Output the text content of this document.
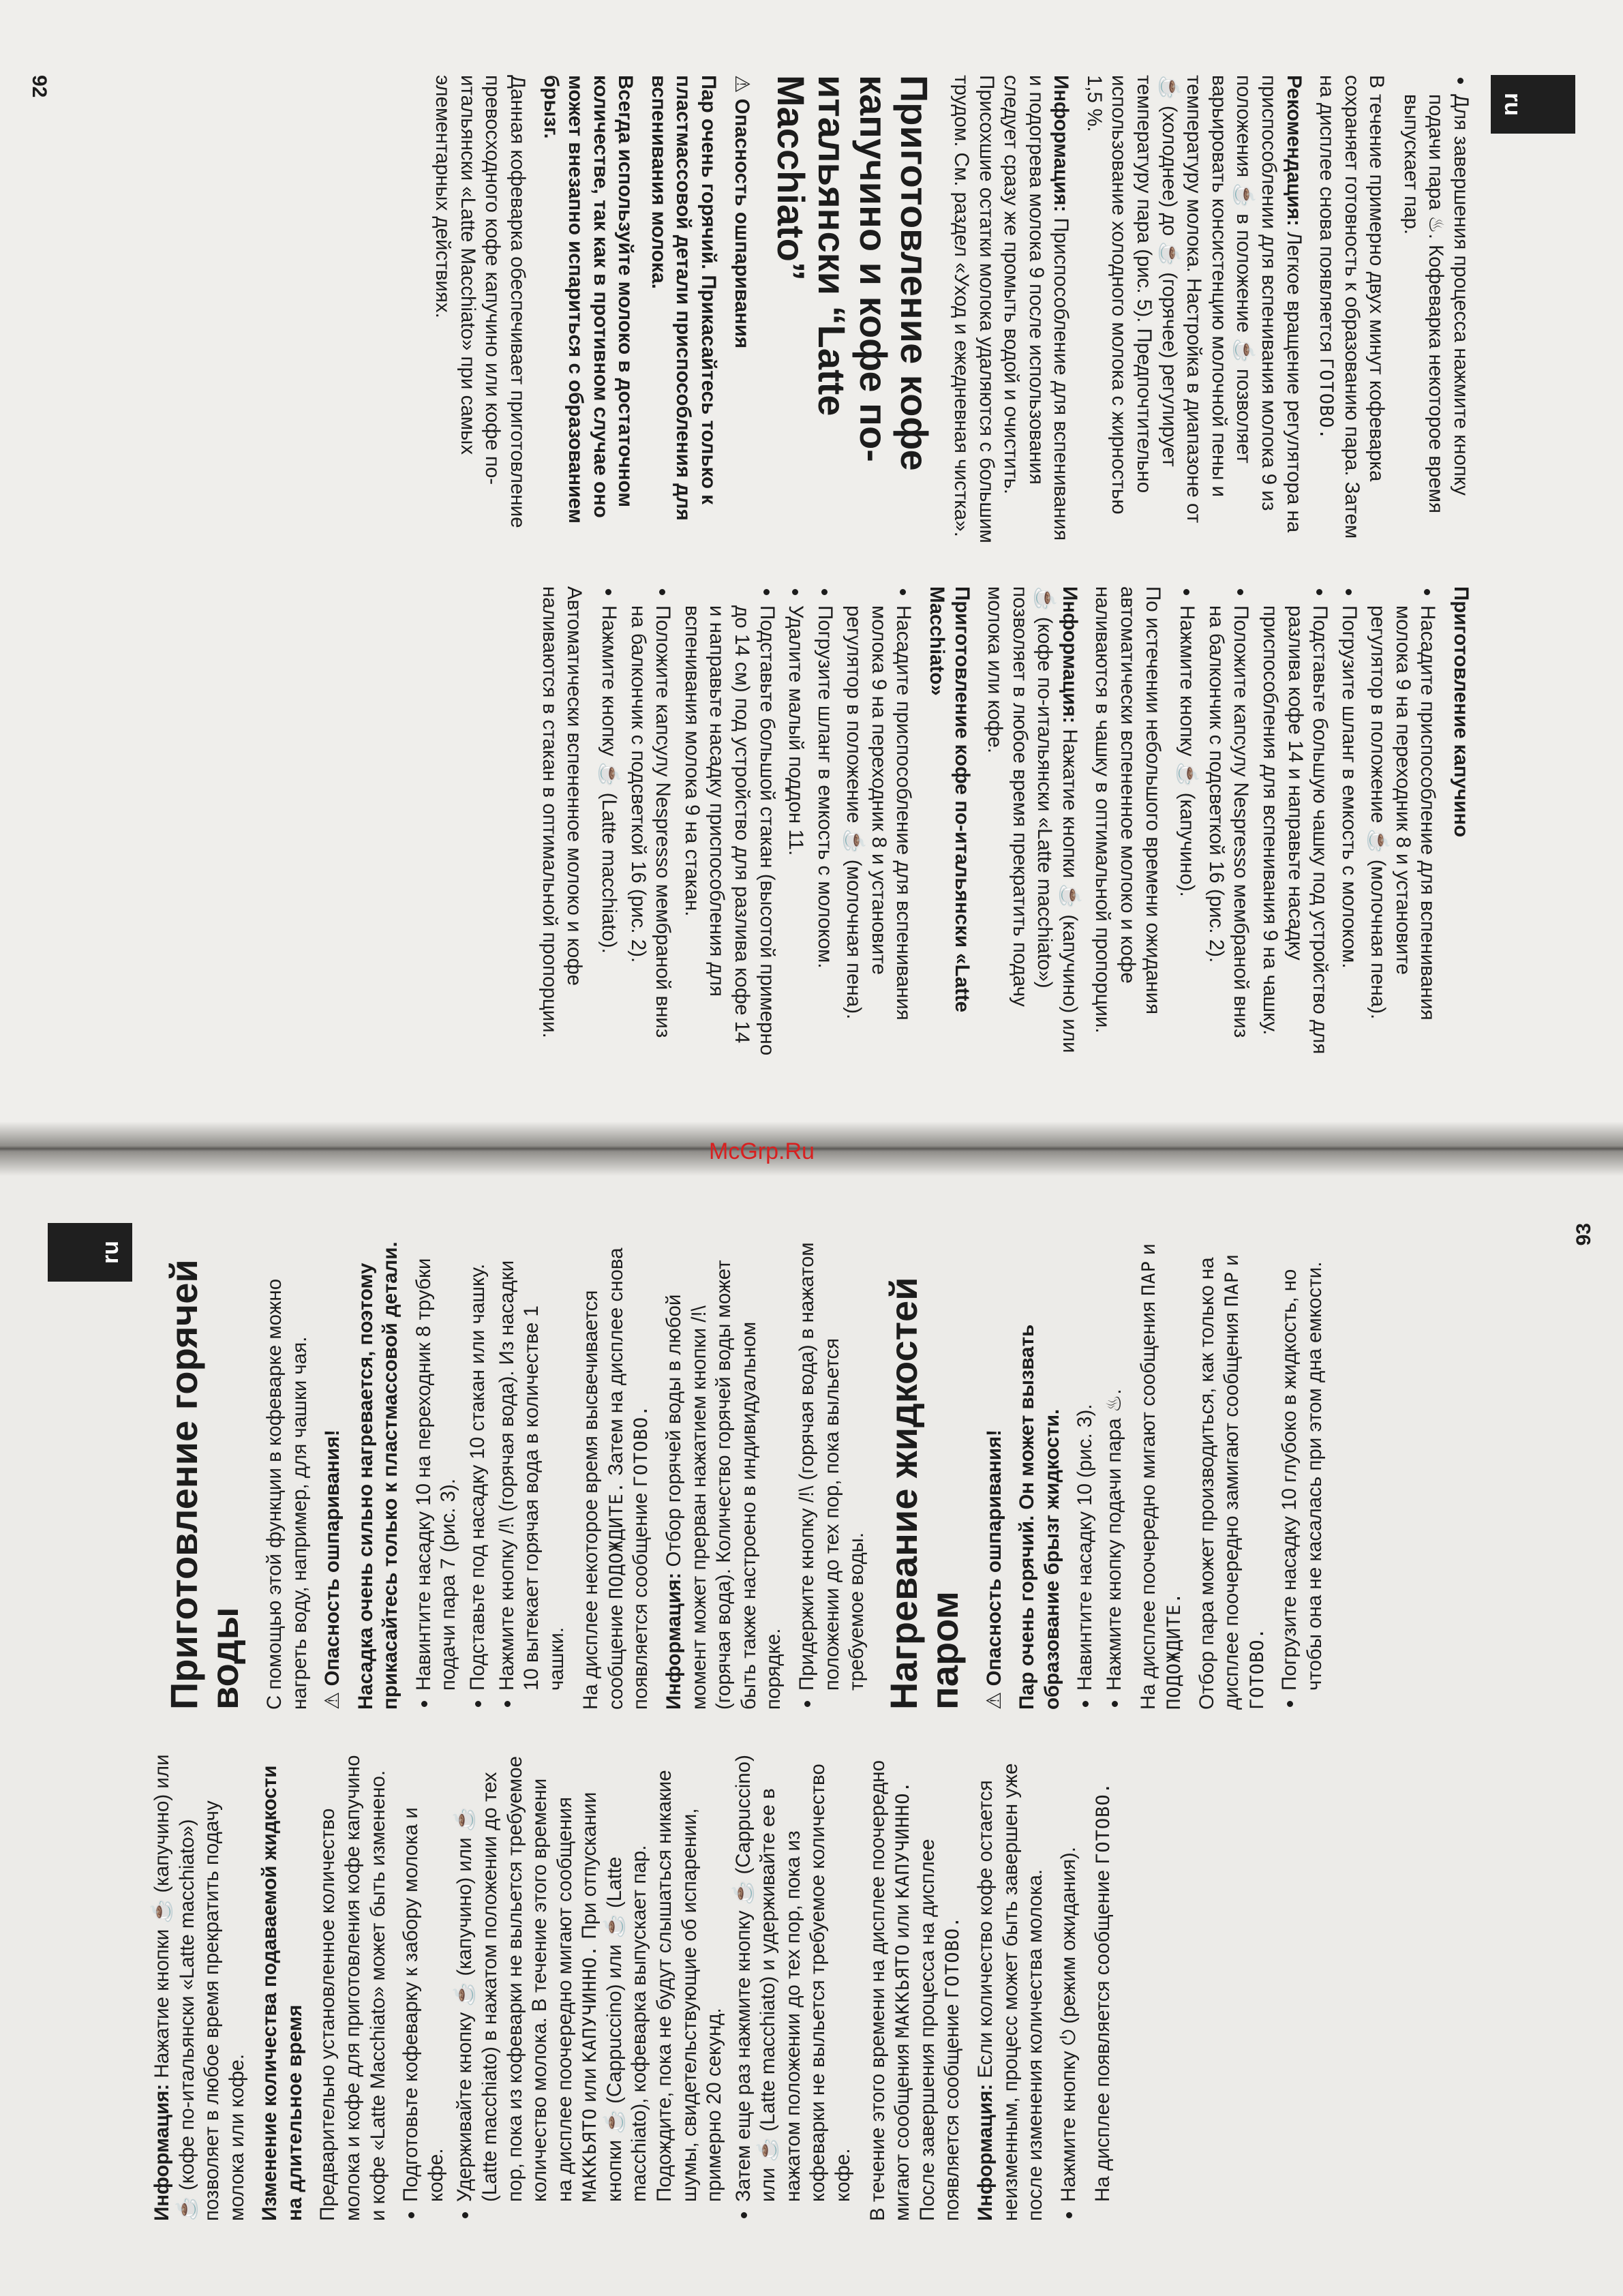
ru
• Для завершения процесса нажмите кнопку подачи пара ♨. Кофеварка некоторое время выпускает пар.

В течение примерно двух минут кофеварка сохраняет готовность к образованию пара. Затем на дисплее снова появляется ГОТОВО.

Рекомендация: Легкое вращение регулятора на приспособлении для вспенивания молока 9 из положения ☕ в положение ☕ позволяет варьировать консистенцию молочной пены и температуру молока. Настройка в диапазоне от ☕ (холоднее) до ☕ (горячее) регулирует температуру пара (рис. 5). Предпочтительно использование холодного молока с жирностью 1,5 %.

Информация: Приспособление для вспенивания и подогрева молока 9 после использования следует сразу же промыть водой и очистить. Присохшие остатки молока удаляются с большим трудом. См. раздел «Уход и ежедневная чистка».

Приготовление кофе капучино и кофе по-итальянски “Latte Macchiato”

⚠ Опасность ошпаривания

Пар очень горячий. Прикасайтесь только к пластмассовой детали приспособления для вспенивания молока.

Всегда используйте молоко в достаточном количестве, так как в противном случае оно может внезапно испариться с образованием брызг.

Данная кофеварка обеспечивает приготовление превосходного кофе капучино или кофе по-итальянски «Latte Macchiato» при самых элементарных действиях.

Приготовление капучино

• Насадите приспособление для вспенивания молока 9 на переходник 8 и установите регулятор в положение ☕ (молочная пена).
• Погрузите шланг в емкость с молоком.
• Подставьте большую чашку под устройство для разлива кофе 14 и направьте насадку приспособления для вспенивания 9 на чашку.
• Положите капсулу Nespresso мембраной вниз на балкончик с подсветкой 16 (рис. 2).
• Нажмите кнопку ☕ (капучино).

По истечении небольшого времени ожидания автоматически вспененное молоко и кофе наливаются в чашку в оптимальной пропорции.

Информация: Нажатие кнопки ☕ (капучино) или ☕ (кофе по-итальянски «Latte macchiato») позволяет в любое время прекратить подачу молока или кофе.

Приготовление кофе по-итальянски «Latte Macchiato»

• Насадите приспособление для вспенивания молока 9 на переходник 8 и установите регулятор в положение ☕ (молочная пена).
• Погрузите шланг в емкость с молоком.
• Удалите малый поддон 11.
• Подставьте большой стакан (высотой примерно до 14 см) под устройство для разлива кофе 14 и направьте насадку приспособления для вспенивания молока 9 на стакан.
• Положите капсулу Nespresso мембраной вниз на балкончик с подсветкой 16 (рис. 2).
• Нажмите кнопку ☕ (Latte macchiato).

Автоматически вспененное молоко и кофе наливаются в стакан в оптимальной пропорции.

92
ru

Информация: Нажатие кнопки ☕ (капучино) или ☕ (кофе по-итальянски «Latte macchiato») позволяет в любое время прекратить подачу молока или кофе. Изменение количества подаваемой жидкости на длительное время Предварительно установленное количество молока и кофе для приготовления кофе капучино и кофе «Latte Macchiato» может быть изменено. • Подготовьте кофеварку к забору молока и кофе. • Удерживайте кнопку ☕ (капучино) или ☕ (Latte macchiato) в нажатом положении до тех пор, пока из кофеварки не выльется требуемое количество молока. В течение этого времени на дисплее поочередно мигают сообщения МАККЬЯТО или КАПУЧИННО. При отпускании кнопки ☕ (Cappuccino) или ☕ (Latte macchiato), кофеварка выпускает пар. Подождите, пока не будут слышаться никакие шумы, свидетельствующие об испарении, примерно 20 секунд. • Затем еще раз нажмите кнопку ☕ (Cappuccino) или ☕ (Latte macchiato) и удерживайте ее в нажатом положении до тех пор, пока из кофеварки не выльется требуемое количество кофе. В течение этого времени на дисплее поочередно мигают сообщения МАККЬЯТО или КАПУЧИННО. После завершения процесса на дисплее появляется сообщение ГОТОВО.

Информация: Если количество кофе остается неизменным, процесс может быть завершен уже после изменения количества молока. • Нажмите кнопку ⏻ (режим ожидания). На дисплее появляется сообщение ГОТОВО.

Приготовление горячей воды С помощью этой функции в кофеварке можно нагреть воду, например, для чашки чая. ⚠ Опасность ошпаривания! Насадка очень сильно нагревается, поэтому прикасайтесь только к пластмассовой детали. • Навинтите насадку 10 на переходник 8 трубки подачи пара 7 (рис. 3). • Подставьте под насадку 10 стакан или чашку. • Нажмите кнопку /!\ (горячая вода). Из насадки 10 вытекает горячая вода в количестве 1 чашки. На дисплее некоторое время высвечивается сообщение ПОДОЖДИТЕ. Затем на дисплее снова появляется сообщение ГОТОВО.

Информация: Отбор горячей воды в любой момент может прерван нажатием кнопки /!\ (горячая вода). Количество горячей воды может быть также настроено в индивидуальном порядке. • Придержите кнопку /!\ (горячая вода) в нажатом положении до тех пор, пока выльется требуемое воды. Нагревание жидкостей паром ⚠ Опасность ошпаривания! Пар очень горячий. Он может вызвать образование брызг жидкости. • Навинтите насадку 10 (рис. 3). • Нажмите кнопку подачи пара ♨. На дисплее поочередно мигают сообщения ПАР и ПОДОЖДИТЕ. Отбор пара может производиться, как только на дисплее поочередно замигают сообщения ПАР и ГОТОВО. • Погрузите насадку 10 глубоко в жидкость, но чтобы она не касалась при этом дна емкости.
93
McGrp.Ru
